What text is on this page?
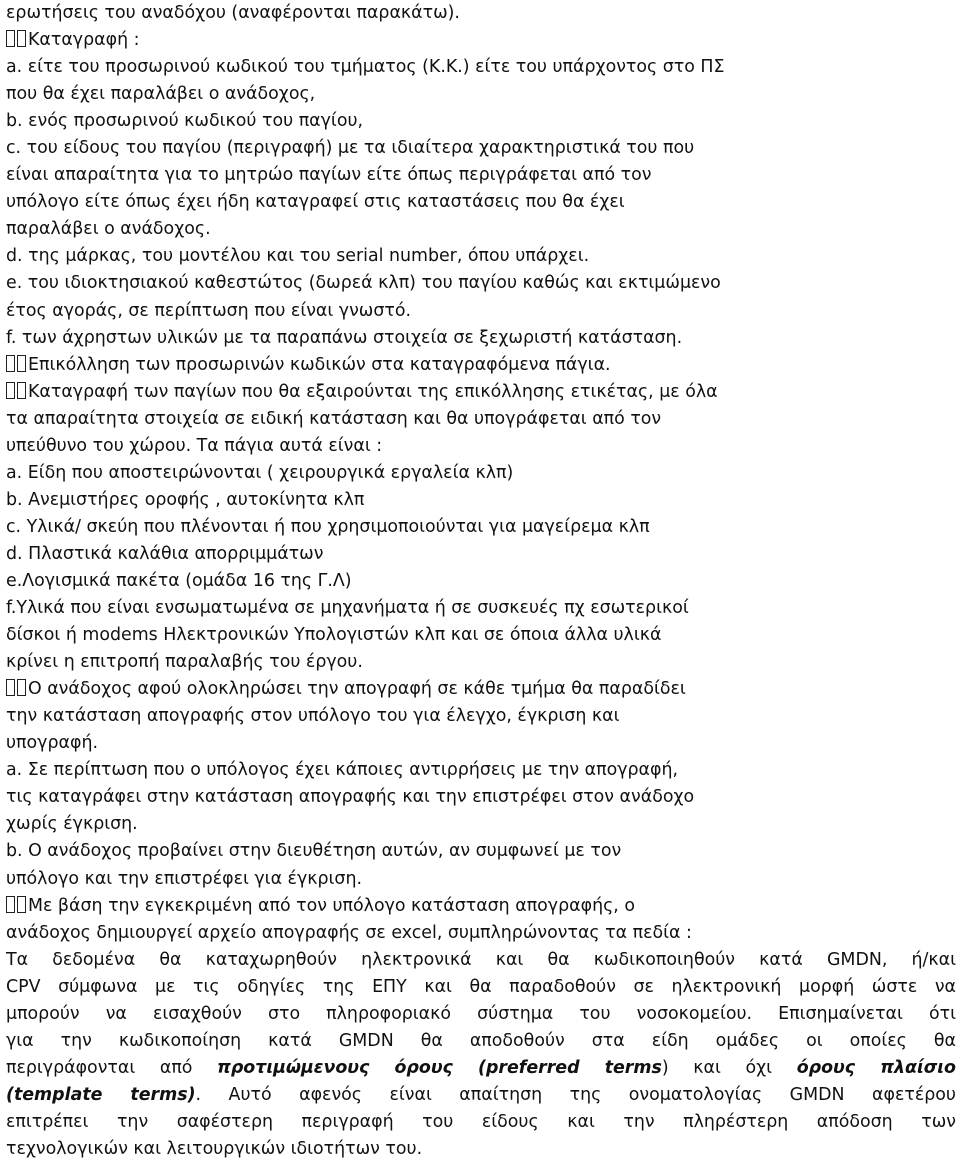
ερωτήσεις του αναδόχου (αναφέρονται παρακάτω).
Καταγραφή :
a. είτε του προσωρινού κωδικού του τμήματος (Κ.Κ.) είτε του υπάρχοντος στο ΠΣ
που θα έχει παραλάβει ο ανάδοχος,
b. ενός προσωρινού κωδικού του παγίου,
c. του είδους του παγίου (περιγραφή) με τα ιδιαίτερα χαρακτηριστικά του που
είναι απαραίτητα για το μητρώο παγίων είτε όπως περιγράφεται από τον
υπόλογο είτε όπως έχει ήδη καταγραφεί στις καταστάσεις που θα έχει
παραλάβει ο ανάδοχος.
d. της μάρκας, του μοντέλου και του serial number, όπου υπάρχει.
e. του ιδιοκτησιακού καθεστώτος (δωρεά κλπ) του παγίου καθώς και εκτιμώμενο
έτος αγοράς, σε περίπτωση που είναι γνωστό.
f. των άχρηστων υλικών με τα παραπάνω στοιχεία σε ξεχωριστή κατάσταση.
Επικόλληση των προσωρινών κωδικών στα καταγραφόμενα πάγια.
Καταγραφή των παγίων που θα εξαιρούνται της επικόλλησης ετικέτας, με όλα
τα απαραίτητα στοιχεία σε ειδική κατάσταση και θα υπογράφεται από τον
υπεύθυνο του χώρου. Τα πάγια αυτά είναι :
a. Είδη που αποστειρώνονται ( χειρουργικά εργαλεία κλπ)
b. Ανεμιστήρες οροφής , αυτοκίνητα κλπ
c. Υλικά/ σκεύη που πλένονται ή που χρησιμοποιούνται για μαγείρεμα κλπ
d. Πλαστικά καλάθια απορριμμάτων
e.Λογισμικά πακέτα (ομάδα 16 της Γ.Λ)
f.Υλικά που είναι ενσωματωμένα σε μηχανήματα ή σε συσκευές πχ εσωτερικοί
δίσκοι ή modems Ηλεκτρονικών Υπολογιστών κλπ και σε όποια άλλα υλικά
κρίνει η επιτροπή παραλαβής του έργου.
Ο ανάδοχος αφού ολοκληρώσει την απογραφή σε κάθε τμήμα θα παραδίδει
την κατάσταση απογραφής στον υπόλογο του για έλεγχο, έγκριση και
υπογραφή.
a. Σε περίπτωση που ο υπόλογος έχει κάποιες αντιρρήσεις με την απογραφή,
τις καταγράφει στην κατάσταση απογραφής και την επιστρέφει στον ανάδοχο
χωρίς έγκριση.
b. Ο ανάδοχος προβαίνει στην διευθέτηση αυτών, αν συμφωνεί με τον
υπόλογο και την επιστρέφει για έγκριση.
Με βάση την εγκεκριμένη από τον υπόλογο κατάσταση απογραφής, ο
ανάδοχος δημιουργεί αρχείο απογραφής σε excel, συμπληρώνοντας τα πεδία :
Τα δεδομένα θα καταχωρηθούν ηλεκτρονικά και θα κωδικοποιηθούν κατά GMDN, ή/και
CPV σύμφωνα με τις οδηγίες της ΕΠΥ και θα παραδοθούν σε ηλεκτρονική μορφή ώστε να
μπορούν να εισαχθούν στο πληροφοριακό σύστημα του νοσοκομείου. Επισημαίνεται ότι
για την κωδικοποίηση κατά GMDN θα αποδοθούν στα είδη ομάδες οι οποίες θα
περιγράφονται από προτιμώμενους όρους (preferred terms) και όχι όρους πλαίσιο
(template terms). Αυτό αφενός είναι απαίτηση της ονοματολογίας GMDN αφετέρου
επιτρέπει την σαφέστερη περιγραφή του είδους και την πληρέστερη απόδοση των
τεχνολογικών και λειτουργικών ιδιοτήτων του.
